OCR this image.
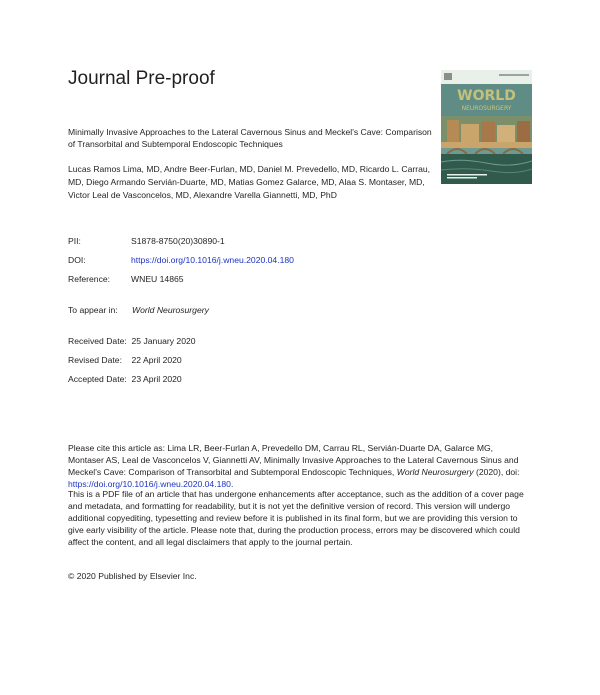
Journal Pre-proof
WORLD
NEUROSURGERY
Minimally Invasive Approaches to the Lateral Cavernous Sinus and Meckel's Cave: Comparison of Transorbital and Subtemporal Endoscopic Techniques
Lucas Ramos Lima, MD, Andre Beer-Furlan, MD, Daniel M. Prevedello, MD, Ricardo L. Carrau, MD, Diego Armando Servián-Duarte, MD, Matias Gomez Galarce, MD, Alaa S. Montaser, MD, Victor Leal de Vasconcelos, MD, Alexandre Varella Giannetti, MD, PhD
PII:	S1878-8750(20)30890-1
DOI:	https://doi.org/10.1016/j.wneu.2020.04.180
Reference: WNEU 14865
To appear in: World Neurosurgery
Received Date:  25 January 2020
Revised Date:    22 April 2020
Accepted Date:  23 April 2020
Please cite this article as: Lima LR, Beer-Furlan A, Prevedello DM, Carrau RL, Servián-Duarte DA, Galarce MG, Montaser AS, Leal de Vasconcelos V, Giannetti AV, Minimally Invasive Approaches to the Lateral Cavernous Sinus and Meckel's Cave: Comparison of Transorbital and Subtemporal Endoscopic Techniques, World Neurosurgery (2020), doi: https://doi.org/10.1016/j.wneu.2020.04.180.
This is a PDF file of an article that has undergone enhancements after acceptance, such as the addition of a cover page and metadata, and formatting for readability, but it is not yet the definitive version of record. This version will undergo additional copyediting, typesetting and review before it is published in its final form, but we are providing this version to give early visibility of the article. Please note that, during the production process, errors may be discovered which could affect the content, and all legal disclaimers that apply to the journal pertain.
© 2020 Published by Elsevier Inc.
